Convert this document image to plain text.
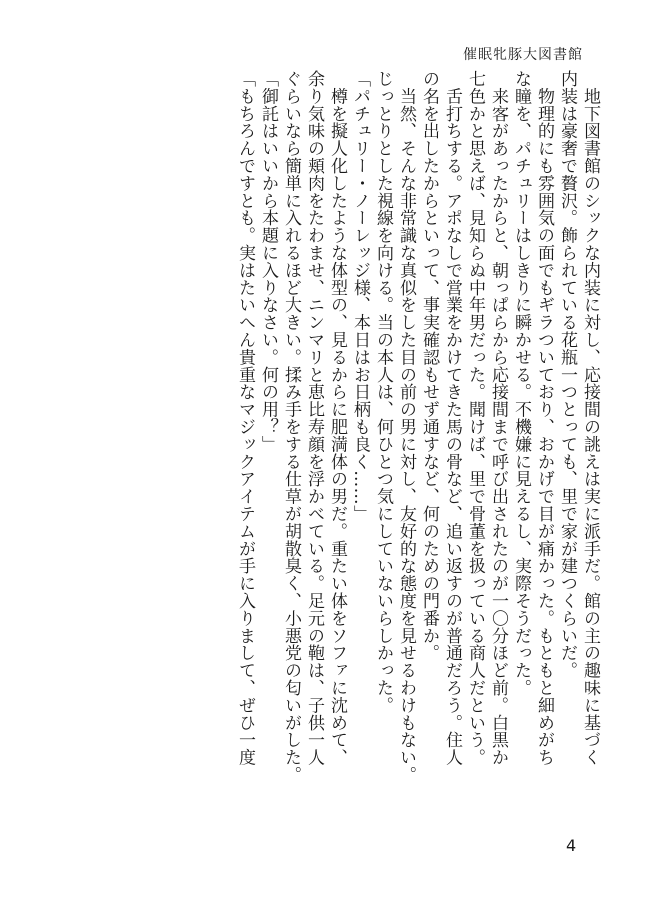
催眠牝豚大図書館

　地下図書館のシックな内装に対し、応接間の誂えは実に派手だ。館の主の趣味に基づく

内装は豪奢で贅沢。飾られている花瓶一つとっても、里で家が建つくらいだ。

　物理的にも雰囲気の面でもギラついており、おかげで目が痛かった。もともと細めがち

な瞳を、パチュリーはしきりに瞬かせる。不機嫌に見えるし、実際そうだった。

　来客があったからと、朝っぱらから応接間まで呼び出されたのが一〇分ほど前。白黒か

七色かと思えば、見知らぬ中年男だった。聞けば、里で骨董を扱っている商人だという。

　舌打ちする。アポなしで営業をかけてきた馬の骨など、追い返すのが普通だろう。住人

の名を出したからといって、事実確認もせず通すなど、何のための門番か。

　当然、そんな非常識な真似をした目の前の男に対し、友好的な態度を見せるわけもない。

じっとりとした視線を向ける。当の本人は、何ひとつ気にしていないらしかった。

「パチュリー・ノーレッジ様、本日はお日柄も良く……」

　樽を擬人化したような体型の、見るからに肥満体の男だ。重たい体をソファに沈めて、

余り気味の頬肉をたわませ、ニンマリと恵比寿顔を浮かべている。足元の鞄は、子供一人

ぐらいなら簡単に入れるほど大きい。揉み手をする仕草が胡散臭く、小悪党の匂いがした。

「御託はいいから本題に入りなさい。何の用？」

「もちろんですとも。実はたいへん貴重なマジックアイテムが手に入りまして、ぜひ一度

4
